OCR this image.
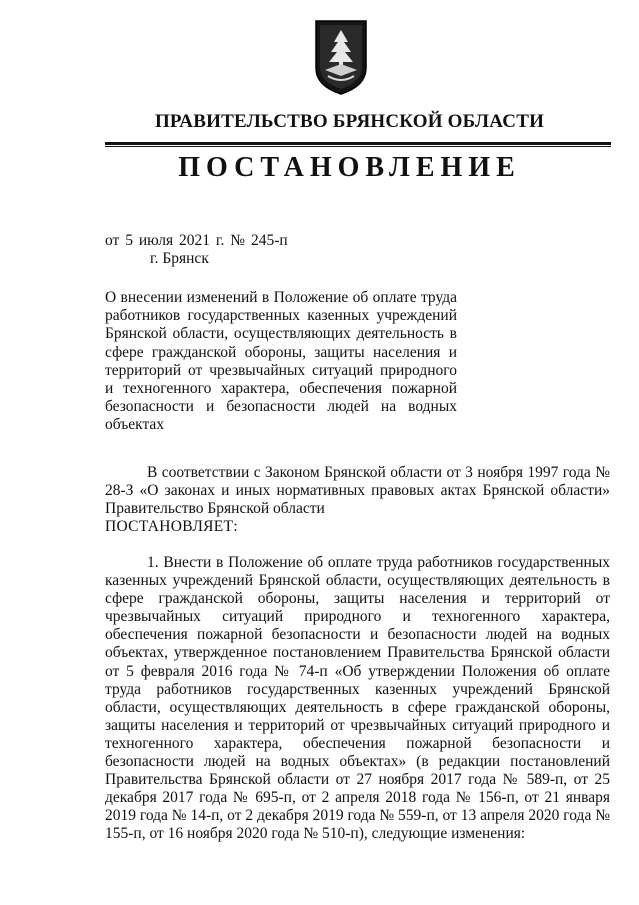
ПРАВИТЕЛЬСТВО БРЯНСКОЙ ОБЛАСТИ
ПОСТАНОВЛЕНИЕ
от 5 июля 2021 г. № 245-п
г. Брянск
О внесении изменений в Положение об оплате труда работников государственных казенных учреждений Брянской области, осуществляющих деятельность в сфере гражданской обороны, защиты населения и территорий от чрезвычайных ситуаций природного и техногенного характера, обеспечения пожарной безопасности и безопасности людей на водных объектах

В соответствии с Законом Брянской области от 3 ноября 1997 года № 28-З «О законах и иных нормативных правовых актах Брянской области» Правительство Брянской области

ПОСТАНОВЛЯЕТ:

1. Внести в Положение об оплате труда работников государственных казенных учреждений Брянской области, осуществляющих деятельность в сфере гражданской обороны, защиты населения и территорий от чрезвычайных ситуаций природного и техногенного характера, обеспечения пожарной безопасности и безопасности людей на водных объектах, утвержденное постановлением Правительства Брянской области от 5 февраля 2016 года № 74-п «Об утверждении Положения об оплате труда работников государственных казенных учреждений Брянской области, осуществляющих деятельность в сфере гражданской обороны, защиты населения и территорий от чрезвычайных ситуаций природного и техногенного характера, обеспечения пожарной безопасности и безопасности людей на водных объектах» (в редакции постановлений Правительства Брянской области от 27 ноября 2017 года № 589-п, от 25 декабря 2017 года № 695-п, от 2 апреля 2018 года № 156-п, от 21 января 2019 года № 14-п, от 2 декабря 2019 года № 559-п, от 13 апреля 2020 года № 155-п, от 16 ноября 2020 года № 510-п), следующие изменения:
